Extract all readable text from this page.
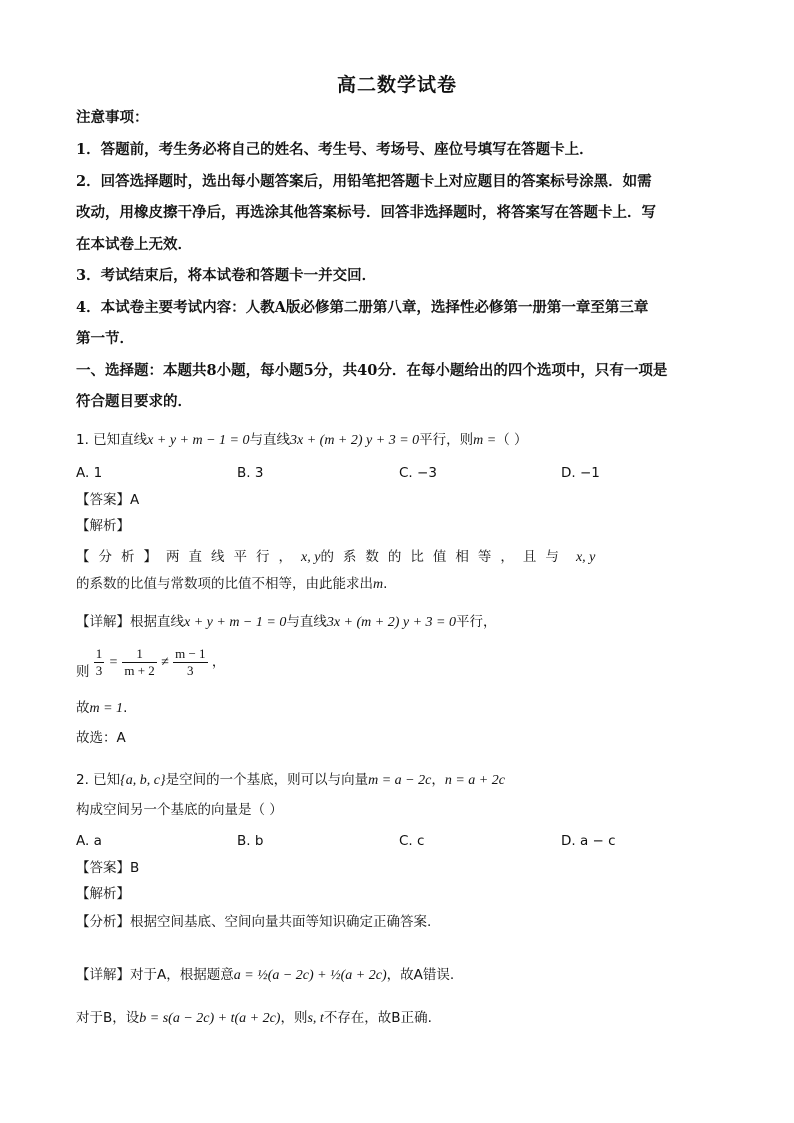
高二数学试卷
注意事项：
1．答题前，考生务必将自己的姓名、考生号、考场号、座位号填写在答题卡上．
2．回答选择题时，选出每小题答案后，用铅笔把答题卡上对应题目的答案标号涂黑．如需
改动，用橡皮擦干净后，再选涂其他答案标号．回答非选择题时，将答案写在答题卡上．写
在本试卷上无效．
3．考试结束后，将本试卷和答题卡一并交回．
4．本试卷主要考试内容：人教A版必修第二册第八章，选择性必修第一册第一章至第三章
第一节．
一、选择题：本题共8小题，每小题5分，共40分．在每小题给出的四个选项中，只有一项是
符合题目要求的．
1. 已知直线x + y + m − 1 = 0与直线3x + (m + 2) y + 3 = 0平行，则m =（ ）
A. 1	B. 3	C. −3	D. −1
【答案】A
【解析】
【分析】两直线平行，x, y的系数的比值相等，且与 x, y
的系数的比值与常数项的比值不相等，由此能求出m.
【详解】根据直线x + y + m − 1 = 0与直线3x + (m + 2) y + 3 = 0平行，
则 $\frac{1}{3} = \frac{1}{m + 2} \ne \frac{m - 1}{3}$ ，
故m = 1.
故选：A
2. 已知{a, b, c}是空间的一个基底，则可以与向量m = a − 2c，n = a + 2c
构成空间另一个基底的向量是（ ）
A. a	B. b	C. c	D. a − c
【答案】B
【解析】
【分析】根据空间基底、空间向量共面等知识确定正确答案.
【详解】对于A，根据题意a = ½(a − 2c) + ½(a + 2c)，故A错误.
对于B，设b = s(a − 2c) + t(a + 2c)，则s, t不存在，故B正确.
